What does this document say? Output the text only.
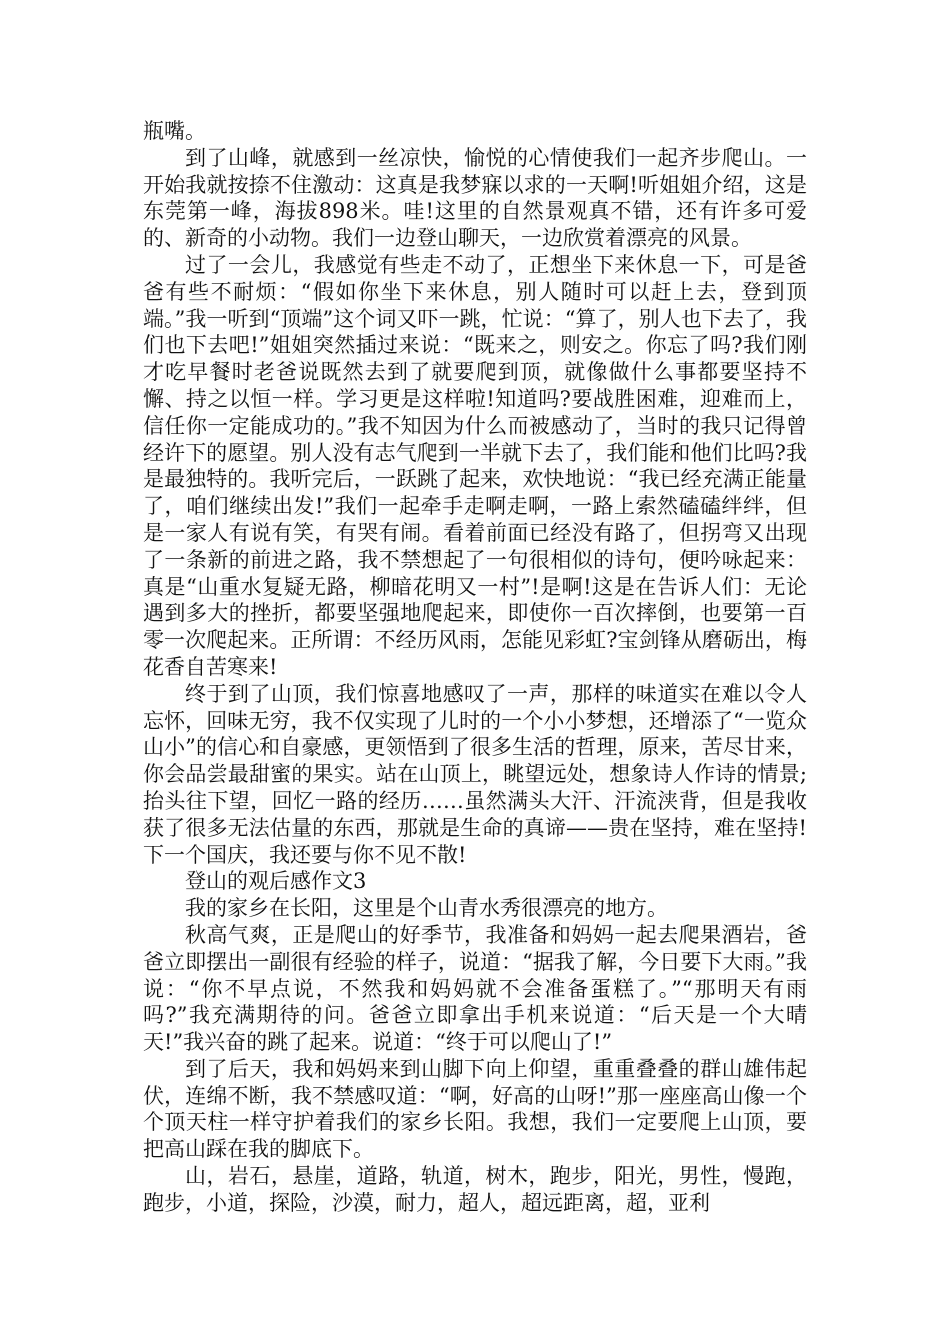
瓶嘴。

到了山峰，就感到一丝凉快，愉悦的心情使我们一起齐步爬山。一开始我就按捺不住激动：这真是我梦寐以求的一天啊!听姐姐介绍，这是东莞第一峰，海拔898米。哇!这里的自然景观真不错，还有许多可爱的、新奇的小动物。我们一边登山聊天，一边欣赏着漂亮的风景。

过了一会儿，我感觉有些走不动了，正想坐下来休息一下，可是爸爸有些不耐烦：“假如你坐下来休息，别人随时可以赶上去，登到顶端。”我一听到“顶端”这个词又吓一跳，忙说：“算了，别人也下去了，我们也下去吧!”姐姐突然插过来说：“既来之，则安之。你忘了吗?我们刚才吃早餐时老爸说既然去到了就要爬到顶，就像做什么事都要坚持不懈、持之以恒一样。学习更是这样啦!知道吗?要战胜困难，迎难而上，信任你一定能成功的。”我不知因为什么而被感动了，当时的我只记得曾经许下的愿望。别人没有志气爬到一半就下去了，我们能和他们比吗?我是最独特的。我听完后，一跃跳了起来，欢快地说：“我已经充满正能量了，咱们继续出发!”我们一起牵手走啊走啊，一路上索然磕磕绊绊，但是一家人有说有笑，有哭有闹。看着前面已经没有路了，但拐弯又出现了一条新的前进之路，我不禁想起了一句很相似的诗句，便吟咏起来：真是“山重水复疑无路，柳暗花明又一村”!是啊!这是在告诉人们：无论遇到多大的挫折，都要坚强地爬起来，即使你一百次摔倒，也要第一百零一次爬起来。正所谓：不经历风雨，怎能见彩虹?宝剑锋从磨砺出，梅花香自苦寒来!

终于到了山顶，我们惊喜地感叹了一声，那样的味道实在难以令人忘怀，回味无穷，我不仅实现了儿时的一个小小梦想，还增添了“一览众山小”的信心和自豪感，更领悟到了很多生活的哲理，原来，苦尽甘来，你会品尝最甜蜜的果实。站在山顶上，眺望远处，想象诗人作诗的情景;抬头往下望，回忆一路的经历……虽然满头大汗、汗流浃背，但是我收获了很多无法估量的东西，那就是生命的真谛——贵在坚持，难在坚持!下一个国庆，我还要与你不见不散!

登山的观后感作文3

我的家乡在长阳，这里是个山青水秀很漂亮的地方。

秋高气爽，正是爬山的好季节，我准备和妈妈一起去爬果酒岩，爸爸立即摆出一副很有经验的样子，说道：“据我了解，今日要下大雨。”我说：“你不早点说，不然我和妈妈就不会准备蛋糕了。”“那明天有雨吗?”我充满期待的问。爸爸立即拿出手机来说道：“后天是一个大晴天!”我兴奋的跳了起来。说道：“终于可以爬山了!”

到了后天，我和妈妈来到山脚下向上仰望，重重叠叠的群山雄伟起伏，连绵不断，我不禁感叹道：“啊，好高的山呀!”那一座座高山像一个个顶天柱一样守护着我们的家乡长阳。我想，我们一定要爬上山顶，要把高山踩在我的脚底下。

山，岩石，悬崖，道路，轨道，树木，跑步，阳光，男性，慢跑，跑步，小道，探险，沙漠，耐力，超人，超远距离，超，亚利
